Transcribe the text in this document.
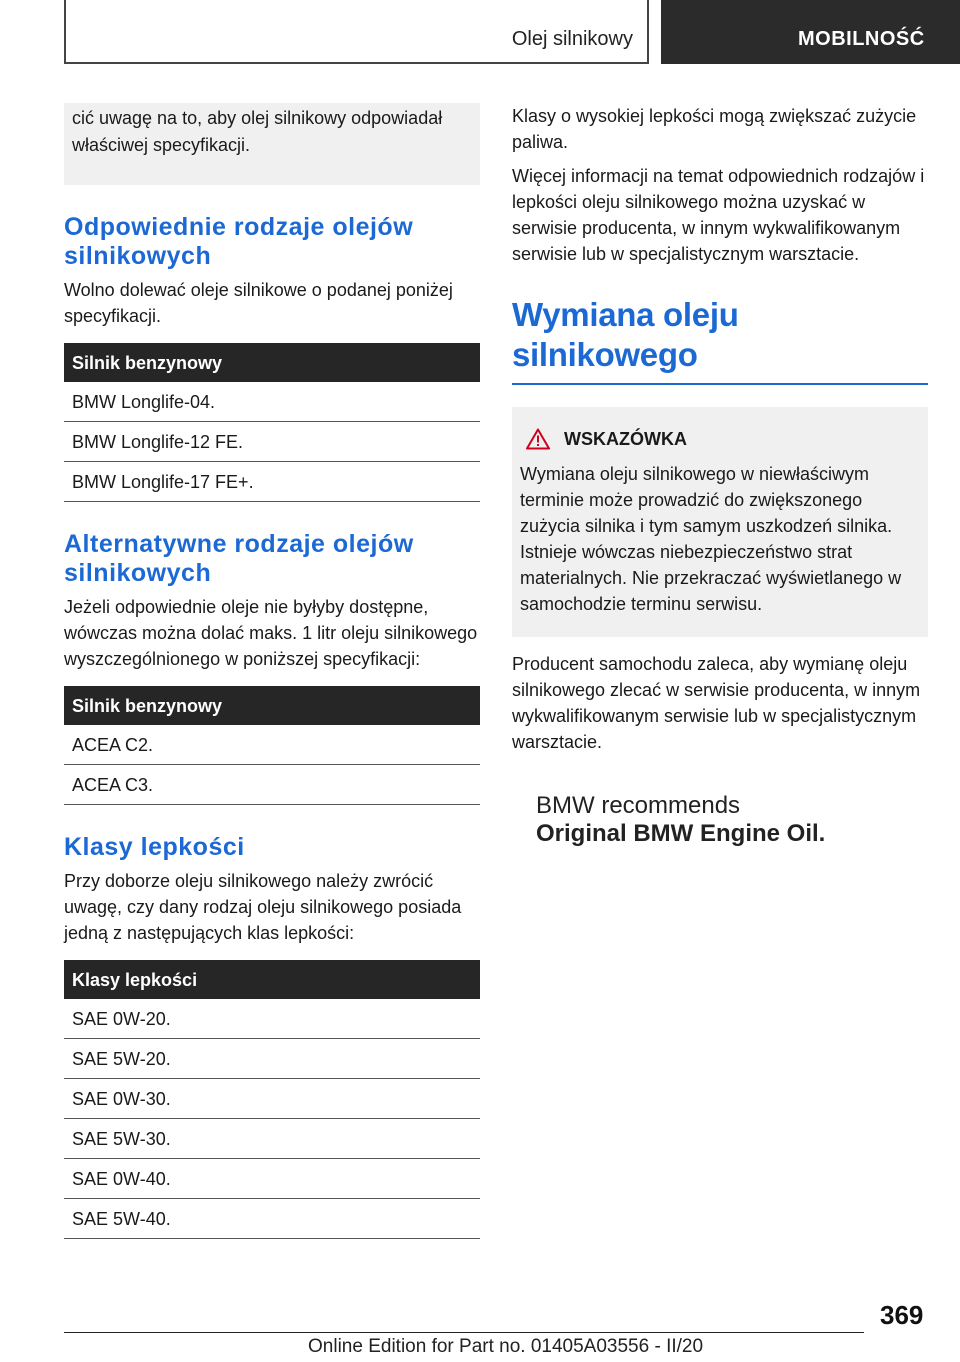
Olej silnikowy	MOBILNOŚĆ

cić uwagę na to, aby olej silnikowy odpowiadał właściwej specyfikacji.

Odpowiednie rodzaje olejów silnikowych

Wolno dolewać oleje silnikowe o podanej poniżej specyfikacji.

Silnik benzynowy
BMW Longlife-04.
BMW Longlife-12 FE.
BMW Longlife-17 FE+.
Alternatywne rodzaje olejów silnikowych

Jeżeli odpowiednie oleje nie byłyby dostępne, wówczas można dolać maks. 1 litr oleju silnikowego wyszczególnionego w poniższej specyfikacji:

Silnik benzynowy
ACEA C2.
ACEA C3.
Klasy lepkości

Przy doborze oleju silnikowego należy zwrócić uwagę, czy dany rodzaj oleju silnikowego posiada jedną z następujących klas lepkości:

Klasy lepkości
SAE 0W-20.
SAE 5W-20.
SAE 0W-30.
SAE 5W-30.
SAE 0W-40.
SAE 5W-40.

Klasy o wysokiej lepkości mogą zwiększać zużycie paliwa.

Więcej informacji na temat odpowiednich rodzajów i lepkości oleju silnikowego można uzyskać w serwisie producenta, w innym wykwalifikowanym serwisie lub w specjalistycznym warsztacie.

Wymiana oleju silnikowego
WSKAZÓWKA

Wymiana oleju silnikowego w niewłaściwym terminie może prowadzić do zwiększonego zużycia silnika i tym samym uszkodzeń silnika. Istnieje wówczas niebezpieczeństwo strat materialnych. Nie przekraczać wyświetlanego w samochodzie terminu serwisu.

Producent samochodu zaleca, aby wymianę oleju silnikowego zlecać w serwisie producenta, w innym wykwalifikowanym serwisie lub w specjalistycznym warsztacie.

BMW recommends
Original BMW Engine Oil.
369
Online Edition for Part no. 01405A03556 - II/20
